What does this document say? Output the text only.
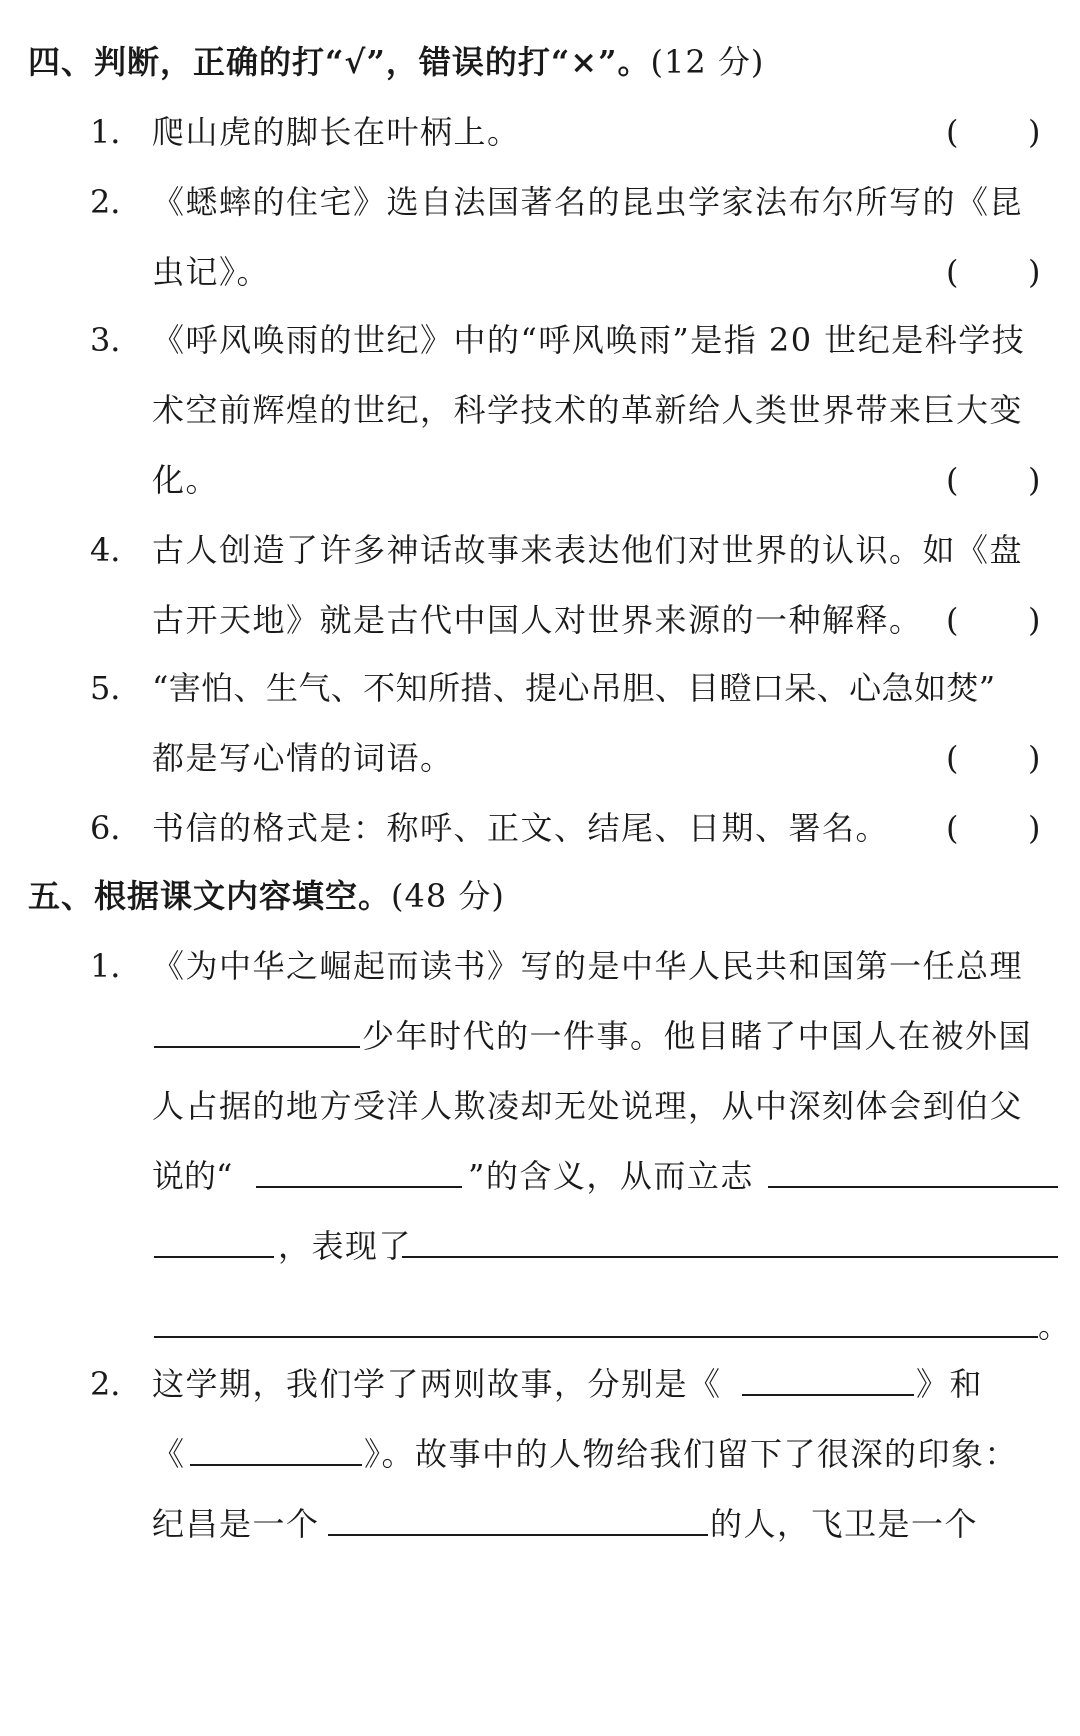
四、判断，正确的打“√”，错误的打“×”。(12 分)
1． 爬山虎的脚长在叶柄上。	( )
2． 《蟋蟀的住宅》选自法国著名的昆虫学家法布尔所写的《昆
虫记》。	( )
3． 《呼风唤雨的世纪》中的“呼风唤雨”是指 20 世纪是科学技
术空前辉煌的世纪，科学技术的革新给人类世界带来巨大变
化。	( )
4． 古人创造了许多神话故事来表达他们对世界的认识。如《盘
古开天地》就是古代中国人对世界来源的一种解释。 ( )
5． “害怕、生气、不知所措、提心吊胆、目瞪口呆、心急如焚”
都是写心情的词语。	( )
6． 书信的格式是：称呼、正文、结尾、日期、署名。 ( )
五、根据课文内容填空。(48 分)
1． 《为中华之崛起而读书》写的是中华人民共和国第一任总理
少年时代的一件事。他目睹了中国人在被外国
人占据的地方受洋人欺凌却无处说理，从中深刻体会到伯父
说的“	”的含义，从而立志
，表现了
。
2． 这学期，我们学了两则故事，分别是《	》和
《	》。故事中的人物给我们留下了很深的印象：
纪昌是一个	的人，飞卫是一个
